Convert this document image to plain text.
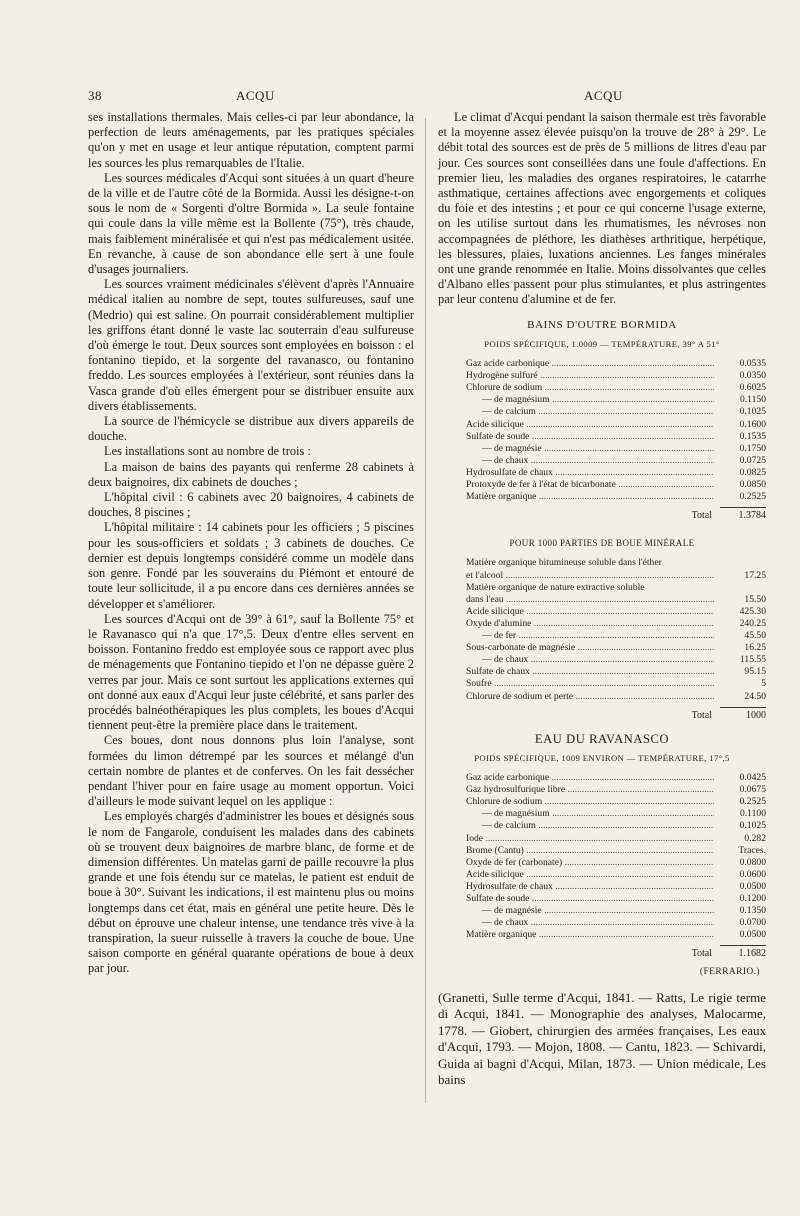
38	ACQU	ACQU

ses installations thermales. Mais celles-ci par leur abondance, la perfection de leurs aménagements, par les pratiques spéciales qu'on y met en usage et leur antique réputation, comptent parmi les sources les plus remarquables de l'Italie.

Les sources médicales d'Acqui sont situées à un quart d'heure de la ville et de l'autre côté de la Bormida. Aussi les désigne-t-on sous le nom de « Sorgenti d'oltre Bormida ». La seule fontaine qui coule dans la ville même est la Bollente (75°), très chaude, mais faiblement minéralisée et qui n'est pas médicalement usitée. En revanche, à cause de son abondance elle sert à une foule d'usages journaliers.

Les sources vraiment médicinales s'élèvent d'après l'Annuaire médical italien au nombre de sept, toutes sulfureuses, sauf une (Medrio) qui est saline. On pourrait considérablement multiplier les griffons étant donné le vaste lac souterrain d'eau sulfureuse d'où émerge le tout. Deux sources sont employées en boisson : el fontanino tiepido, et la sorgente del ravanasco, ou fontanino freddo. Les sources employées à l'extérieur, sont réunies dans la Vasca grande d'où elles émergent pour se distribuer ensuite aux divers établissements.

La source de l'hémicycle se distribue aux divers appareils de douche.

Les installations sont au nombre de trois :

La maison de bains des payants qui renferme 28 cabinets à deux baignoires, dix cabinets de douches ;

L'hôpital civil : 6 cabinets avec 20 baignoires, 4 cabinets de douches, 8 piscines ;

L'hôpital militaire : 14 cabinets pour les officiers ; 5 piscines pour les sous-officiers et soldats ; 3 cabinets de douches. Ce dernier est depuis longtemps considéré comme un modèle dans son genre. Fondé par les souverains du Piémont et entouré de toute leur sollicitude, il a pu encore dans ces dernières années se développer et s'améliorer.

Les sources d'Acqui ont de 39° à 61°, sauf la Bollente 75° et le Ravanasco qui n'a que 17°,5. Deux d'entre elles servent en boisson. Fontanino freddo est employée sous ce rapport avec plus de ménagements que Fontanino tiepido et l'on ne dépasse guère 2 verres par jour. Mais ce sont surtout les applications externes qui ont donné aux eaux d'Acqui leur juste célébrité, et sans parler des procédés balnéothérapiques les plus complets, les boues d'Acqui tiennent peut-être la première place dans le traitement.

Ces boues, dont nous donnons plus loin l'analyse, sont formées du limon détrempé par les sources et mélangé d'un certain nombre de plantes et de conferves. On les fait dessécher pendant l'hiver pour en faire usage au moment opportun. Voici d'ailleurs le mode suivant lequel on les applique :

Les employés chargés d'administrer les boues et désignés sous le nom de Fangarole, conduisent les malades dans des cabinets où se trouvent deux baignoires de marbre blanc, de forme et de dimension différentes. Un matelas garni de paille recouvre la plus grande et une fois étendu sur ce matelas, le patient est enduit de boue à 30°. Suivant les indications, il est maintenu plus ou moins longtemps dans cet état, mais en général une petite heure. Dès le début on éprouve une chaleur intense, une tendance très vive à la transpiration, la sueur ruisselle à travers la couche de boue. Une saison comporte en général quarante opérations de boue à deux par jour.

Le climat d'Acqui pendant la saison thermale est très favorable et la moyenne assez élevée puisqu'on la trouve de 28° à 29°. Le débit total des sources est de près de 5 millions de litres d'eau par jour. Ces sources sont conseillées dans une foule d'affections. En premier lieu, les maladies des organes respiratoires, le catarrhe asthmatique, certaines affections avec engorgements et coliques du foie et des intestins ; et pour ce qui concerne l'usage externe, on les utilise surtout dans les rhumatismes, les névroses non accompagnées de pléthore, les diathèses arthritique, herpétique, les blessures, plaies, luxations anciennes. Les fanges minérales ont une grande renommée en Italie. Moins dissolvantes que celles d'Albano elles passent pour plus stimulantes, et plus astringentes par leur contenu d'alumine et de fer.

BAINS D'OUTRE BORMIDA
POIDS SPÉCIFIQUE, 1.0009 — TEMPÉRATURE, 39° A 51°
Gaz acide carbonique .....	0.0535
Hydrogène sulfuré .....	0.0350
Chlorure de sodium .....	0.6025
— de magnésium .....	0.1150
— de calcium .....	0.1025
Acide silicique .....	0.1600
Sulfate de soude .....	0.1535
— de magnésie .....	0.1750
— de chaux .....	0.0725
Hydrosulfate de chaux .....	0.0825
Protoxyde de fer à l'état de bicarbonate .....	0.0850
Matière organique .....	0.2525
Total	1.3784
POUR 1000 PARTIES DE BOUE MINÉRALE
Matière organique bitumineuse soluble dans l'éther
et l'alcool .....	17.25
Matière organique de nature extractive soluble
dans l'eau .....	15.50
Acide silicique .....	425.30
Oxyde d'alumine .....	240.25
— de fer .....	45.50
Sous-carbonate de magnésie .....	16.25
— de chaux .....	115.55
Sulfate de chaux .....	95.15
Soufre .....	5
Chlorure de sodium et perte .....	24.50
Total	1000
EAU DU RAVANASCO
POIDS SPÉCIFIQUE, 1009 ENVIRON — TEMPÉRATURE, 17°,5
Gaz acide carbonique .....	0.0425
Gaz hydrosulfurique libre .....	0.0675
Chlorure de sodium .....	0.2525
— de magnésium .....	0.1100
— de calcium .....	0.1025
Iode .....	0.282
Brome (Cantu) .....	Traces.
Oxyde de fer (carbonate) .....	0.0800
Acide silicique .....	0.0600
Hydrosulfate de chaux .....	0.0500
Sulfate de soude .....	0.1200
— de magnésie .....	0.1350
— de chaux .....	0.0700
Matière organique .....	0.0500
Total	1.1682
(FERRARIO.)
(Granetti, Sulle terme d'Acqui, 1841. — Ratts, Le rigie terme di Acqui, 1841. — Monographie des analyses, Malocarme, 1778. — Giobert, chirurgien des armées françaises, Les eaux d'Acqui, 1793. — Mojon, 1808. — Cantu, 1823. — Schivardi, Guida ai bagni d'Acqui, Milan, 1873. — Union médicale, Les bains
